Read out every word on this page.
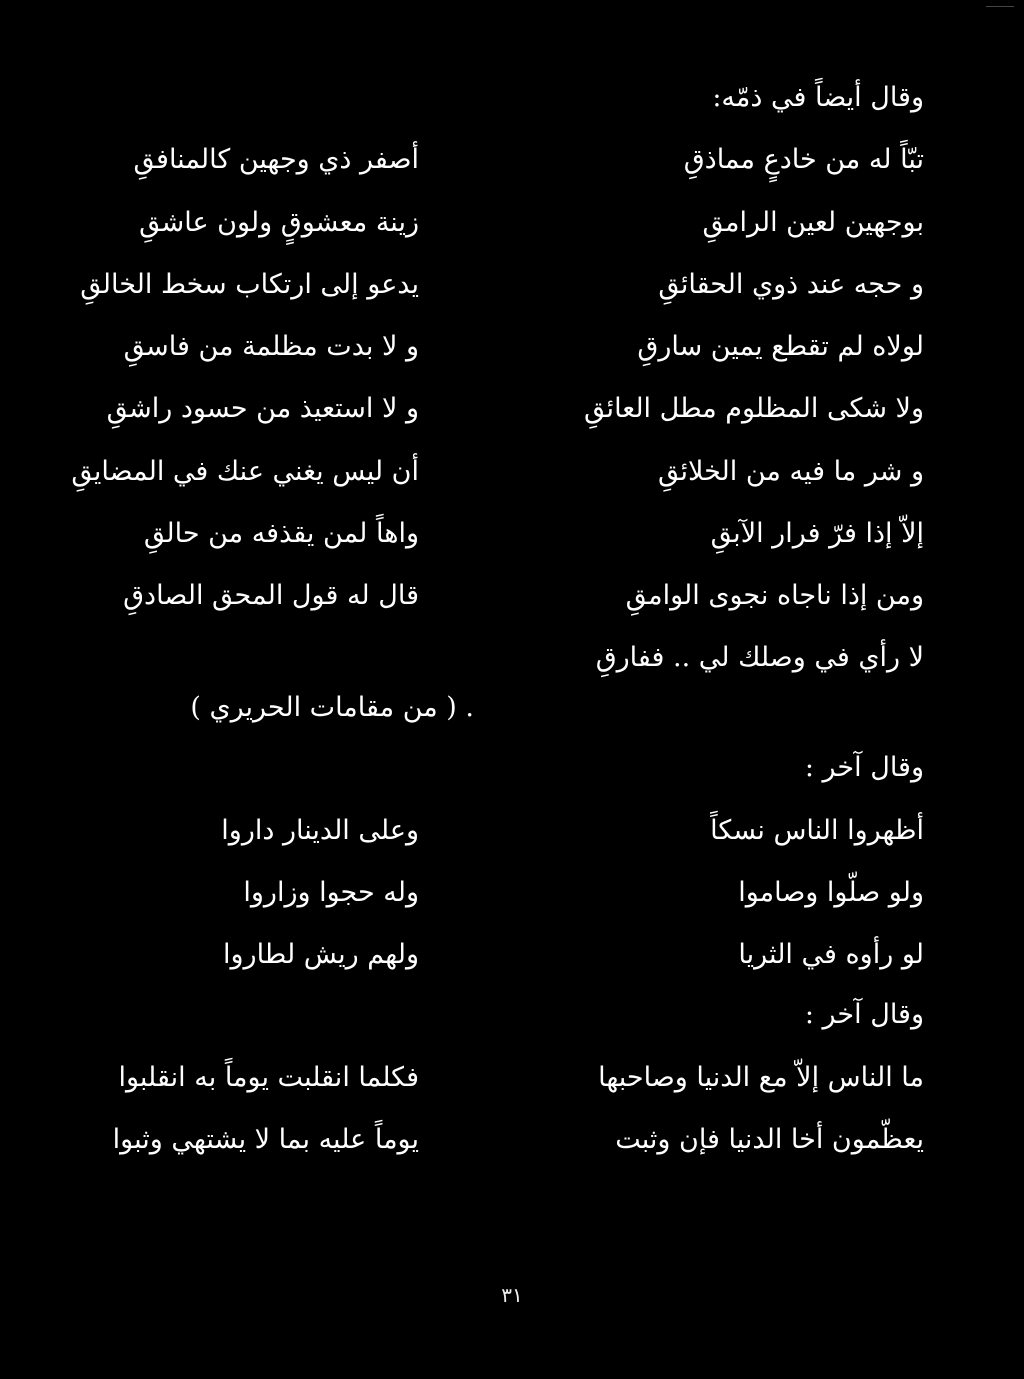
وقال أيضاً في ذمّه:
تبّاً له من خادعٍ مماذقِ
بوجهين لعين الرامقِ
و حجه عند ذوي الحقائقِ
لولاه لم تقطع يمين سارقِ
ولا شكى المظلوم مطل العائقِ
و شر ما فيه من الخلائقِ
إلاّ إذا فرّ فرار الآبقِ
ومن إذا ناجاه نجوى الوامقِ
لا رأي في وصلك لي .. ففارقِ
وقال آخر :
أظهروا الناس نسكاً
ولو صلّوا وصاموا
لو رأوه في الثريا
وقال آخر :
ما الناس إلاّ مع الدنيا وصاحبها
يعظّمون أخا الدنيا فإن وثبت
أصفر ذي وجهين كالمنافقِ
زينة معشوقٍ ولون عاشقِ
يدعو إلى ارتكاب سخط الخالقِ
و لا بدت مظلمة من فاسقِ
و لا استعيذ من حسود راشقِ
أن ليس يغني عنك في المضايقِ
واهاً لمن يقذفه من حالقِ
قال له قول المحق الصادقِ
. ( من مقامات الحريري )
وعلى الدينار داروا
وله حجوا وزاروا
ولهم ريش لطاروا
فكلما انقلبت يوماً به انقلبوا
يوماً عليه بما لا يشتهي وثبوا
٣١
